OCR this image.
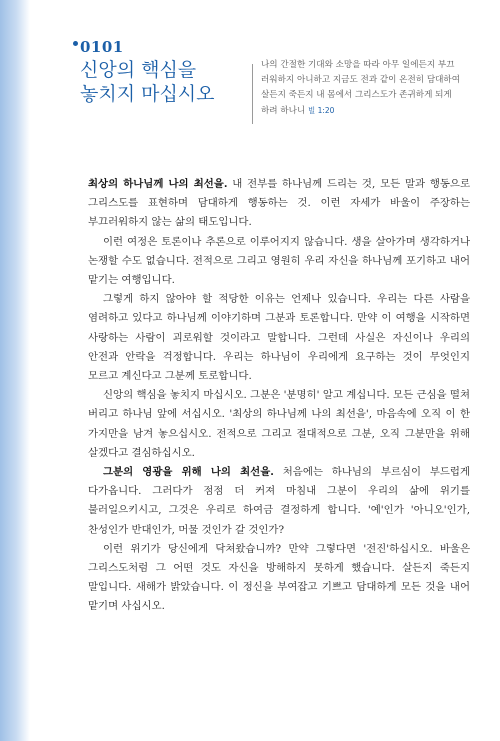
0101
신앙의 핵심을
놓치지 마십시오
나의 간절한 기대와 소망을 따라 아무 일에든지 부끄러워하지 아니하고 지금도 전과 같이 온전히 담대하여 살든지 죽든지 내 몸에서 그리스도가 존귀하게 되게 하려 하나니 빌 1:20

최상의 하나님께 나의 최선을. 내 전부를 하나님께 드리는 것, 모든 말과 행동으로 그리스도를 표현하며 담대하게 행동하는 것. 이런 자세가 바울이 주장하는 부끄러워하지 않는 삶의 태도입니다.

이런 여정은 토론이나 추론으로 이루어지지 않습니다. 생을 살아가며 생각하거나 논쟁할 수도 없습니다. 전적으로 그리고 영원히 우리 자신을 하나님께 포기하고 내어 맡기는 여행입니다.

그렇게 하지 않아야 할 적당한 이유는 언제나 있습니다. 우리는 다른 사람을 염려하고 있다고 하나님께 이야기하며 그분과 토론합니다. 만약 이 여행을 시작하면 사랑하는 사람이 괴로워할 것이라고 말합니다. 그런데 사실은 자신이나 우리의 안전과 안락을 걱정합니다. 우리는 하나님이 우리에게 요구하는 것이 무엇인지 모르고 계신다고 그분께 토로합니다.

신앙의 핵심을 놓치지 마십시오. 그분은 '분명히' 알고 계십니다. 모든 근심을 떨쳐 버리고 하나님 앞에 서십시오. '최상의 하나님께 나의 최선을', 마음속에 오직 이 한 가지만을 남겨 놓으십시오. 전적으로 그리고 절대적으로 그분, 오직 그분만을 위해 살겠다고 결심하십시오.

그분의 영광을 위해 나의 최선을. 처음에는 하나님의 부르심이 부드럽게 다가옵니다. 그러다가 점점 더 커져 마침내 그분이 우리의 삶에 위기를 불러일으키시고, 그것은 우리로 하여금 결정하게 합니다. '예'인가 '아니오'인가, 찬성인가 반대인가, 머물 것인가 갈 것인가?

이런 위기가 당신에게 닥쳐왔습니까? 만약 그렇다면 '전진'하십시오. 바울은 그리스도처럼 그 어떤 것도 자신을 방해하지 못하게 했습니다. 살든지 죽든지 말입니다. 새해가 밝았습니다. 이 정신을 부여잡고 기쁘고 담대하게 모든 것을 내어 맡기며 사십시오.
